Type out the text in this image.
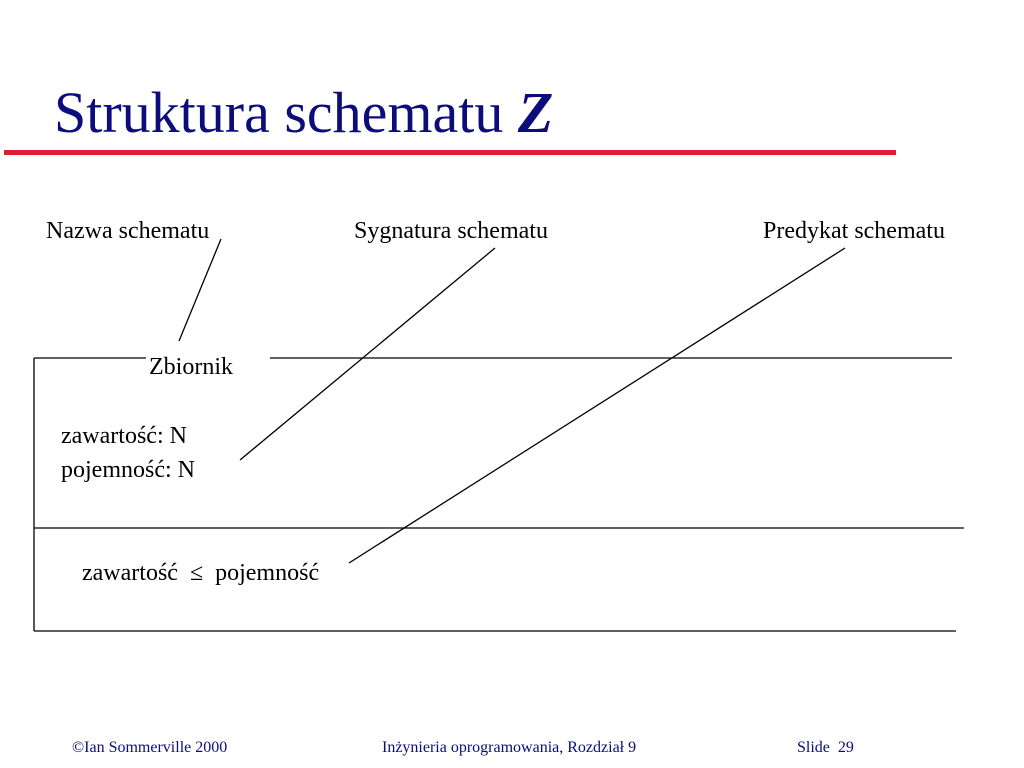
Struktura schematu Z
Nazwa schematu	Sygnatura schematu	Predykat schematu
Zbiornik
zawartość: N
pojemność: N
zawartość  ≤  pojemność
©Ian Sommerville 2000	Inżynieria oprogramowania, Rozdział 9	Slide  29
